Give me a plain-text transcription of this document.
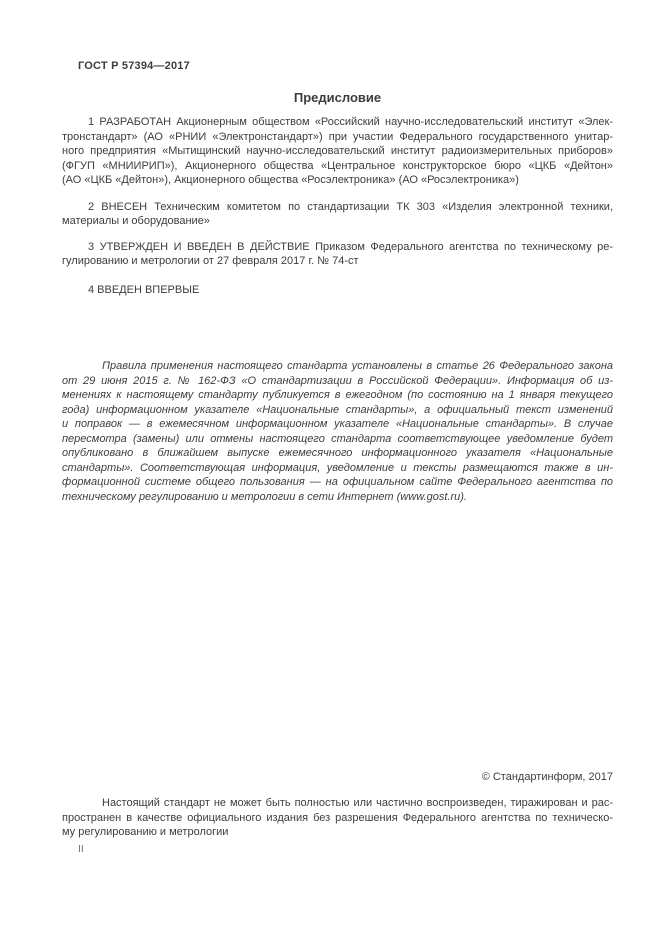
ГОСТ Р 57394—2017
Предисловие
1 РАЗРАБОТАН Акционерным обществом «Российский научно-исследовательский институт «Элек-
тронстандарт» (АО «РНИИ «Электронстандарт») при участии Федерального государственного унитар-
ного предприятия «Мытищинский научно-исследовательский институт радиоизмерительных приборов»
(ФГУП «МНИИРИП»), Акционерного общества «Центральное конструкторское бюро «ЦКБ «Дейтон»
(АО «ЦКБ «Дейтон»), Акционерного общества «Росэлектроника» (АО «Росэлектроника»)
2 ВНЕСЕН Техническим комитетом по стандартизации ТК 303 «Изделия электронной техники,
материалы и оборудование»
3 УТВЕРЖДЕН И ВВЕДЕН В ДЕЙСТВИЕ Приказом Федерального агентства по техническому ре-
гулированию и метрологии от 27 февраля 2017 г. № 74-ст
4 ВВЕДЕН ВПЕРВЫЕ
Правила применения настоящего стандарта установлены в статье 26 Федерального закона
от 29 июня 2015 г. № 162-ФЗ «О стандартизации в Российской Федерации». Информация об из-
менениях к настоящему стандарту публикуется в ежегодном (по состоянию на 1 января текущего
года) информационном указателе «Национальные стандарты», а официальный текст изменений
и поправок — в ежемесячном информационном указателе «Национальные стандарты». В случае
пересмотра (замены) или отмены настоящего стандарта соответствующее уведомление будет
опубликовано в ближайшем выпуске ежемесячного информационного указателя «Национальные
стандарты». Соответствующая информация, уведомление и тексты размещаются также в ин-
формационной системе общего пользования — на официальном сайте Федерального агентства по
техническому регулированию и метрологии в сети Интернет (www.gost.ru).
© Стандартинформ, 2017
Настоящий стандарт не может быть полностью или частично воспроизведен, тиражирован и рас-
пространен в качестве официального издания без разрешения Федерального агентства по техническо-
му регулированию и метрологии
II
